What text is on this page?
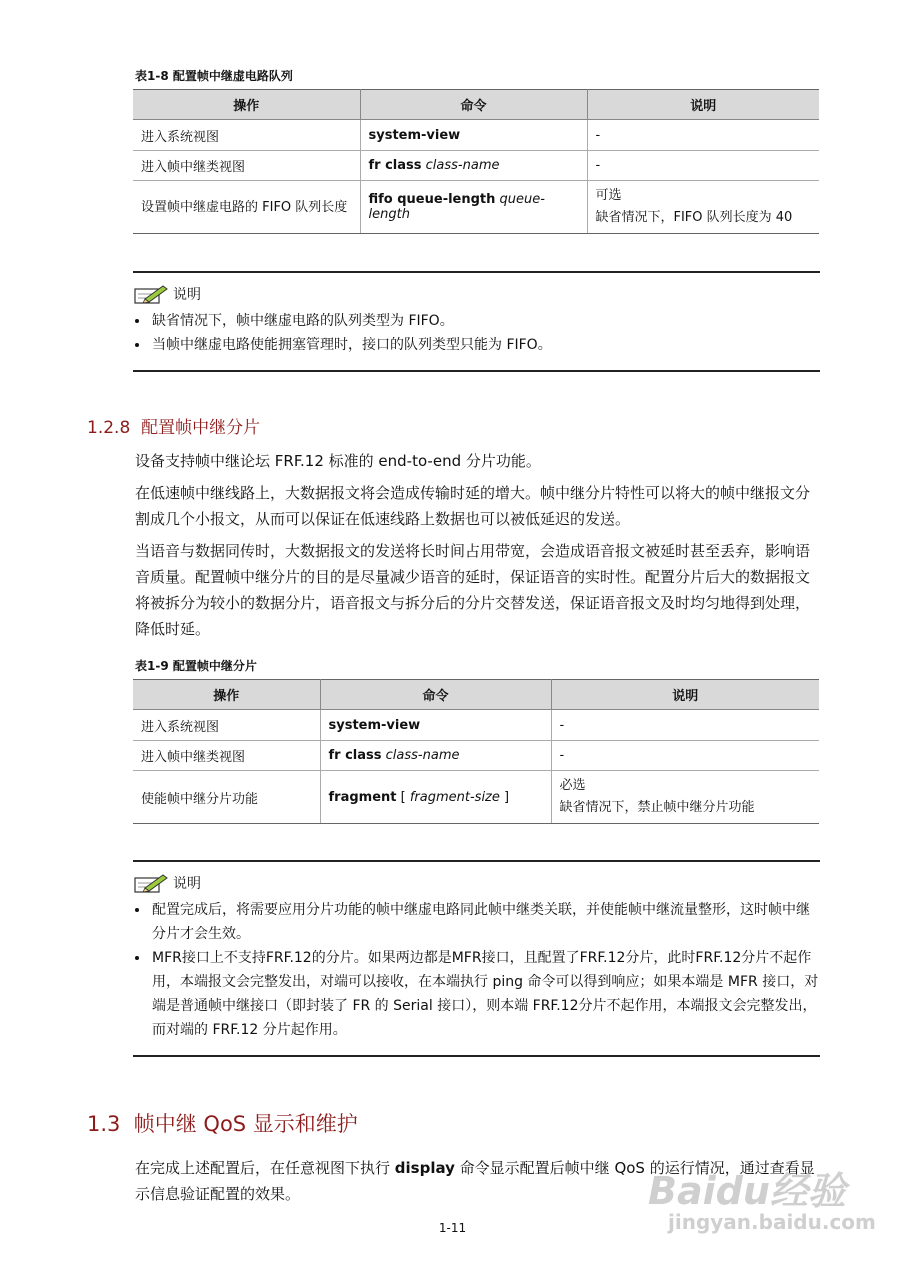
表1-8 配置帧中继虚电路队列
操作	命令	说明
进入系统视图	system-view	-
进入帧中继类视图	fr class class-name	-
设置帧中继虚电路的 FIFO 队列长度	fifo queue-length queue-length	可选
缺省情况下，FIFO 队列长度为 40
说明
• 缺省情况下，帧中继虚电路的队列类型为 FIFO。
• 当帧中继虚电路使能拥塞管理时，接口的队列类型只能为 FIFO。
1.2.8  配置帧中继分片

设备支持帧中继论坛 FRF.12 标准的 end-to-end 分片功能。

在低速帧中继线路上，大数据报文将会造成传输时延的增大。帧中继分片特性可以将大的帧中继报文分割成几个小报文，从而可以保证在低速线路上数据也可以被低延迟的发送。

当语音与数据同传时，大数据报文的发送将长时间占用带宽，会造成语音报文被延时甚至丢弃，影响语音质量。配置帧中继分片的目的是尽量减少语音的延时，保证语音的实时性。配置分片后大的数据报文将被拆分为较小的数据分片，语音报文与拆分后的分片交替发送，保证语音报文及时均匀地得到处理，降低时延。

表1-9 配置帧中继分片
操作	命令	说明
进入系统视图	system-view	-
进入帧中继类视图	fr class class-name	-
使能帧中继分片功能	fragment [ fragment-size ]	必选
缺省情况下，禁止帧中继分片功能
说明
• 配置完成后，将需要应用分片功能的帧中继虚电路同此帧中继类关联，并使能帧中继流量整形，这时帧中继分片才会生效。
• MFR接口上不支持FRF.12的分片。如果两边都是MFR接口，且配置了FRF.12分片，此时FRF.12分片不起作用，本端报文会完整发出，对端可以接收，在本端执行 ping 命令可以得到响应；如果本端是 MFR 接口，对端是普通帧中继接口（即封装了 FR 的 Serial 接口），则本端 FRF.12分片不起作用，本端报文会完整发出，而对端的 FRF.12 分片起作用。
1.3  帧中继 QoS 显示和维护

在完成上述配置后，在任意视图下执行 display 命令显示配置后帧中继 QoS 的运行情况，通过查看显示信息验证配置的效果。

1-11
Baidu经验
jingyan.baidu.com
